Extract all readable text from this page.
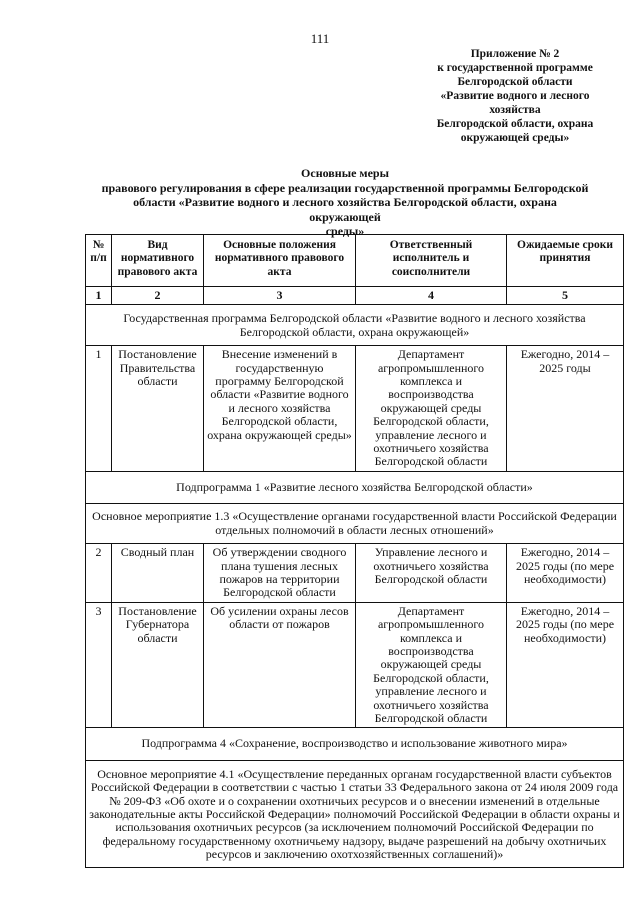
111
Приложение № 2
к государственной программе
Белгородской области
«Развитие водного и лесного
хозяйства
Белгородской области, охрана
окружающей среды»
Основные меры
правового регулирования в сфере реализации государственной программы Белгородской
области «Развитие водного и лесного хозяйства Белгородской области, охрана окружающей
среды»
№ п/п	Вид нормативного правового акта	Основные положения нормативного правового акта	Ответственный исполнитель и соисполнители	Ожидаемые сроки принятия
1	2	3	4	5
Государственная программа Белгородской области «Развитие водного и лесного хозяйства Белгородской области, охрана окружающей»				
1	Постановление Правительства области	Внесение изменений в государственную программу Белгородской области «Развитие водного и лесного хозяйства Белгородской области, охрана окружающей среды»	Департамент агропромышленного комплекса и воспроизводства окружающей среды Белгородской области, управление лесного и охотничьего хозяйства Белгородской области	Ежегодно, 2014 – 2025 годы
Подпрограмма 1 «Развитие лесного хозяйства Белгородской области»				
Основное мероприятие 1.3 «Осуществление органами государственной власти Российской Федерации отдельных полномочий в области лесных отношений»				
2	Сводный план	Об утверждении сводного плана тушения лесных пожаров на территории Белгородской области	Управление лесного и охотничьего хозяйства Белгородской области	Ежегодно, 2014 – 2025 годы (по мере необходимости)
3	Постановление Губернатора области	Об усилении охраны лесов области от пожаров	Департамент агропромышленного комплекса и воспроизводства окружающей среды Белгородской области, управление лесного и охотничьего хозяйства Белгородской области	Ежегодно, 2014 – 2025 годы (по мере необходимости)
Подпрограмма 4 «Сохранение, воспроизводство и использование животного мира»				
Основное мероприятие 4.1 «Осуществление переданных органам государственной власти субъектов Российской Федерации в соответствии с частью 1 статьи 33 Федерального закона от 24 июля 2009 года № 209-ФЗ «Об охоте и о сохранении охотничьих ресурсов и о внесении изменений в отдельные законодательные акты Российской Федерации» полномочий Российской Федерации в области охраны и использования охотничьих ресурсов (за исключением полномочий Российской Федерации по федеральному государственному охотничьему надзору, выдаче разрешений на добычу охотничьих ресурсов и заключению охотхозяйственных соглашений)»				
